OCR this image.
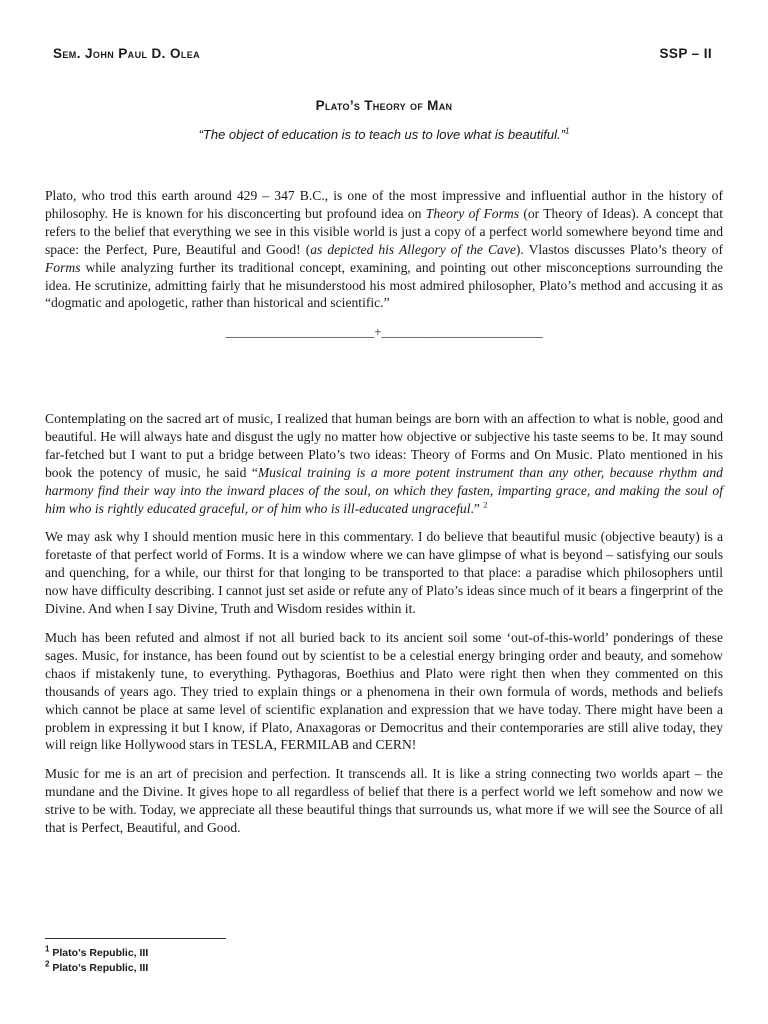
Sem. John Paul D. Olea	SSP – II
Plato’s Theory of Man
“The object of education is to teach us to love what is beautiful.”$^1$

Plato, who trod this earth around 429 – 347 B.C., is one of the most impressive and influential author in the history of philosophy. He is known for his disconcerting but profound idea on Theory of Forms (or Theory of Ideas). A concept that refers to the belief that everything we see in this visible world is just a copy of a perfect world somewhere beyond time and space: the Perfect, Pure, Beautiful and Good! (as depicted his Allegory of the Cave). Vlastos discusses Plato’s theory of Forms while analyzing further its traditional concept, examining, and pointing out other misconceptions surrounding the idea. He scrutinize, admitting fairly that he misunderstood his most admired philosopher, Plato’s method and accusing it as “dogmatic and apologetic, rather than historical and scientific.”

________________________+__________________________

Contemplating on the sacred art of music, I realized that human beings are born with an affection to what is noble, good and beautiful. He will always hate and disgust the ugly no matter how objective or subjective his taste seems to be. It may sound far-fetched but I want to put a bridge between Plato’s two ideas: Theory of Forms and On Music. Plato mentioned in his book the potency of music, he said “Musical training is a more potent instrument than any other, because rhythm and harmony find their way into the inward places of the soul, on which they fasten, imparting grace, and making the soul of him who is rightly educated graceful, or of him who is ill-educated ungraceful.” $^2$

We may ask why I should mention music here in this commentary. I do believe that beautiful music (objective beauty) is a foretaste of that perfect world of Forms. It is a window where we can have glimpse of what is beyond – satisfying our souls and quenching, for a while, our thirst for that longing to be transported to that place: a paradise which philosophers until now have difficulty describing. I cannot just set aside or refute any of Plato’s ideas since much of it bears a fingerprint of the Divine. And when I say Divine, Truth and Wisdom resides within it.

Much has been refuted and almost if not all buried back to its ancient soil some ‘out-of-this-world’ ponderings of these sages. Music, for instance, has been found out by scientist to be a celestial energy bringing order and beauty, and somehow chaos if mistakenly tune, to everything. Pythagoras, Boethius and Plato were right then when they commented on this thousands of years ago. They tried to explain things or a phenomena in their own formula of words, methods and beliefs which cannot be place at same level of scientific explanation and expression that we have today. There might have been a problem in expressing it but I know, if Plato, Anaxagoras or Democritus and their contemporaries are still alive today, they will reign like Hollywood stars in TESLA, FERMILAB and CERN!

Music for me is an art of precision and perfection. It transcends all. It is like a string connecting two worlds apart – the mundane and the Divine. It gives hope to all regardless of belief that there is a perfect world we left somehow and now we strive to be with. Today, we appreciate all these beautiful things that surrounds us, what more if we will see the Source of all that is Perfect, Beautiful, and Good.

$^1$ Plato’s Republic, III
$^2$ Plato’s Republic, III
